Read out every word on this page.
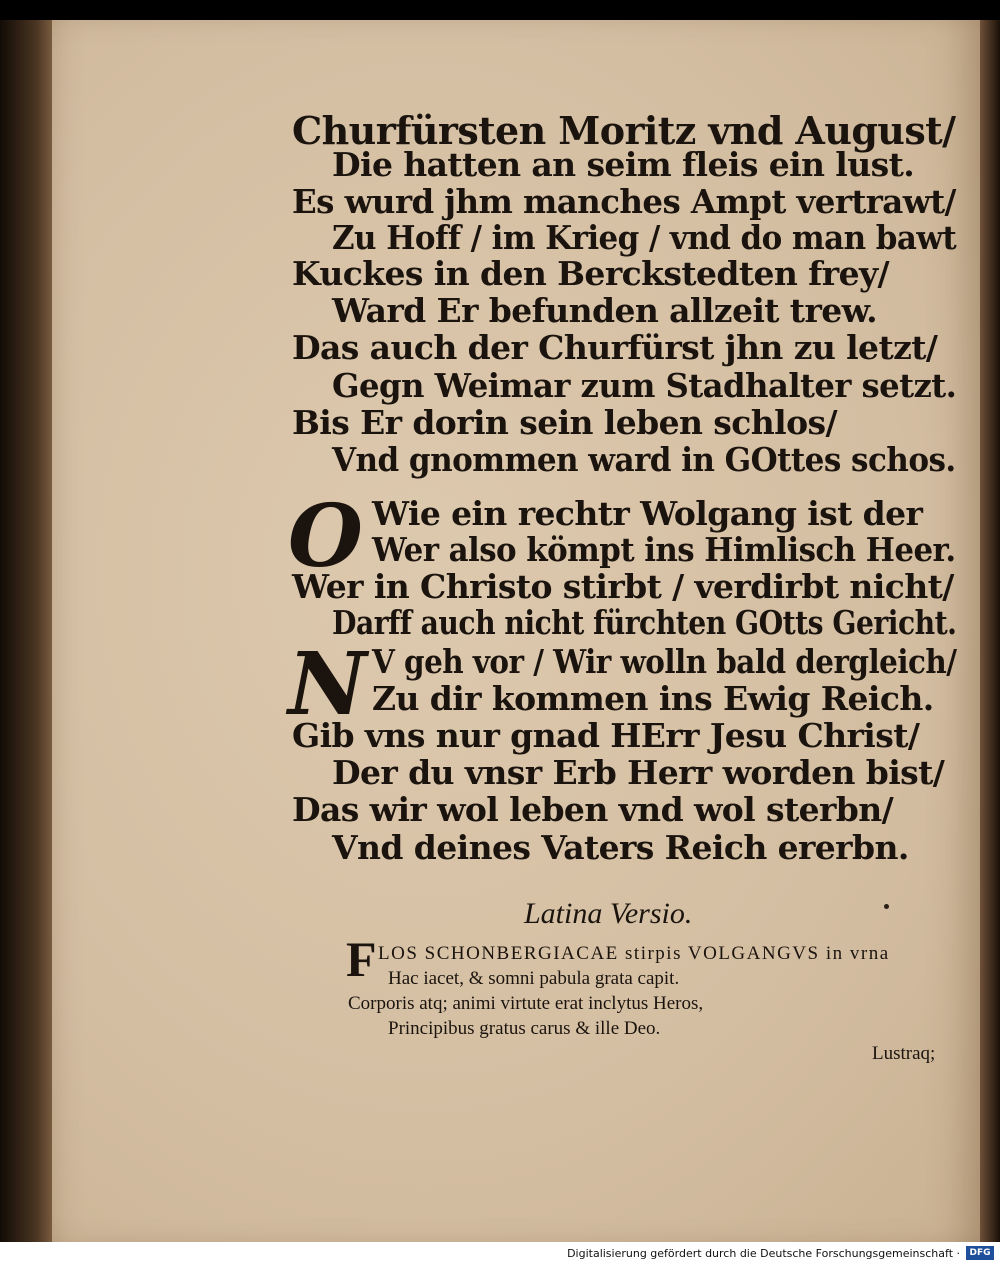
Churfürsten Moritz vnd August/
Die hatten an seim fleis ein lust.
Es wurd jhm manches Ampt vertrawt/
Zu Hoff / im Krieg / vnd do man bawt
Kuckes in den Berckstedten frey/
Ward Er befunden allzeit trew.
Das auch der Churfürst jhn zu letzt/
Gegn Weimar zum Stadhalter setzt.
Bis Er dorin sein leben schlos/
Vnd gnommen ward in GOttes schos.
O Wie ein rechtr Wolgang ist der
Wer also kömpt ins Himlisch Heer.
Wer in Christo stirbt / verdirbt nicht/
Darff auch nicht fürchten GOtts Gericht.
N V geh vor / Wir wolln bald dergleich/
Zu dir kommen ins Ewig Reich.
Gib vns nur gnad HErr Jesu Christ/
Der du vnsr Erb Herr worden bist/
Das wir wol leben vnd wol sterbn/
Vnd deines Vaters Reich ererbn.
Latina Versio.
F LOS SCHONBERGIACAE stirpis VOLGANGVS in vrna
Hac iacet, & somni pabula grata capit.
Corporis atq; animi virtute erat inclytus Heros,
Principibus gratus carus & ille Deo.
Lustraq;
Digitalisierung gefördert durch die Deutsche Forschungsgemeinschaft ·	DFG
